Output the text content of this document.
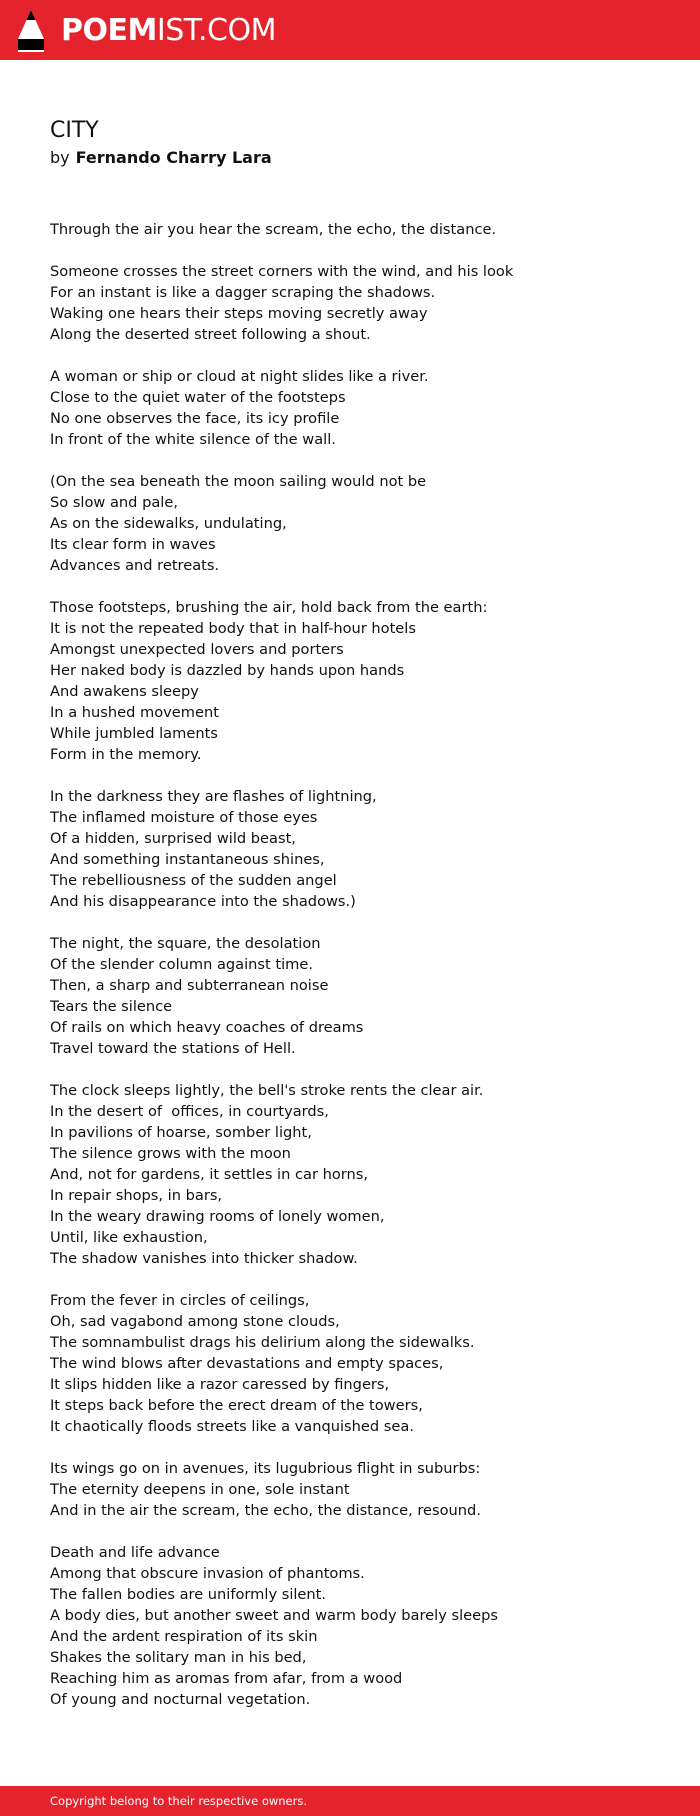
POEMIST.COM
CITY
by Fernando Charry Lara
Through the air you hear the scream, the echo, the distance.
Someone crosses the street corners with the wind, and his look
For an instant is like a dagger scraping the shadows.
Waking one hears their steps moving secretly away
Along the deserted street following a shout.
A woman or ship or cloud at night slides like a river.
Close to the quiet water of the footsteps
No one observes the face, its icy profile
In front of the white silence of the wall.
(On the sea beneath the moon sailing would not be
So slow and pale,
As on the sidewalks, undulating,
Its clear form in waves
Advances and retreats.
Those footsteps, brushing the air, hold back from the earth:
It is not the repeated body that in half-hour hotels
Amongst unexpected lovers and porters
Her naked body is dazzled by hands upon hands
And awakens sleepy
In a hushed movement
While jumbled laments
Form in the memory.
In the darkness they are flashes of lightning,
The inflamed moisture of those eyes
Of a hidden, surprised wild beast,
And something instantaneous shines,
The rebelliousness of the sudden angel
And his disappearance into the shadows.)
The night, the square, the desolation
Of the slender column against time.
Then, a sharp and subterranean noise
Tears the silence
Of rails on which heavy coaches of dreams
Travel toward the stations of Hell.
The clock sleeps lightly, the bell's stroke rents the clear air.
In the desert of  offices, in courtyards,
In pavilions of hoarse, somber light,
The silence grows with the moon
And, not for gardens, it settles in car horns,
In repair shops, in bars,
In the weary drawing rooms of lonely women,
Until, like exhaustion,
The shadow vanishes into thicker shadow.
From the fever in circles of ceilings,
Oh, sad vagabond among stone clouds,
The somnambulist drags his delirium along the sidewalks.
The wind blows after devastations and empty spaces,
It slips hidden like a razor caressed by fingers,
It steps back before the erect dream of the towers,
It chaotically floods streets like a vanquished sea.
Its wings go on in avenues, its lugubrious flight in suburbs:
The eternity deepens in one, sole instant
And in the air the scream, the echo, the distance, resound.
Death and life advance
Among that obscure invasion of phantoms.
The fallen bodies are uniformly silent.
A body dies, but another sweet and warm body barely sleeps
And the ardent respiration of its skin
Shakes the solitary man in his bed,
Reaching him as aromas from afar, from a wood
Of young and nocturnal vegetation.
Copyright belong to their respective owners.
